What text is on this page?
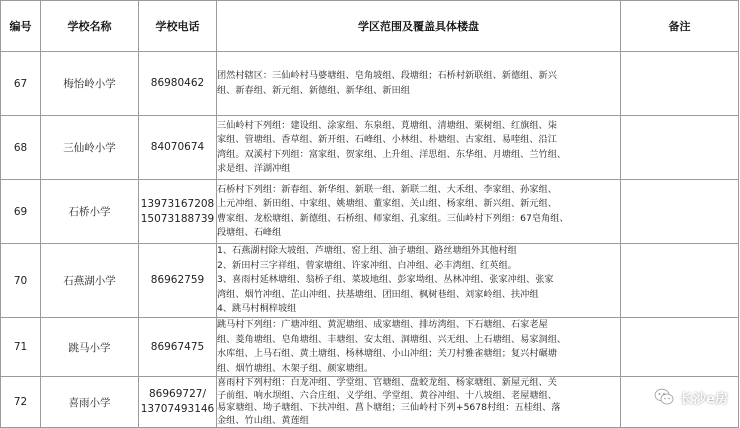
编号	学校名称	学校电话	学区范围及覆盖具体楼盘	备注
67	梅怡岭小学	86980462	团然村辖区：三仙岭村马婆塘组、皂角坡组、段塘组；石桥村新联组、新德组、新兴
组、新春组、新元组、新德组、新华组、新田组	

68	三仙岭小学	84070674	三仙岭村下列组：建设组、涂家组、东泉组、莧塘组、清塘组、栗树组、红旗组、柒
家组、管塘组、香草组、新开组、石峰组、小林组、朴塘组、古家组、易喹组、沿江
湾组。双溪村下列组：富家组、贺家组、上升组、洋思组、东华组、月塘组、兰竹组、
求是组、洋湖冲组	

69	石桥小学	13973167208
15073188739	石桥村下列组：新春组、新华组、新联一组、新联二组、大禾组、李家组、孙家组、
上元冲组、新田组、中家组、姚塘组、董家组、关山组、杨家组、新兴组、新元组、
曹家组、龙松塘组、新德组、石桥组、师家组、孔家组。三仙岭村下列组：67皂角组、
段塘组、石峰组	

70	石燕湖小学	86962759	1、石燕湖村除大坡组、芦塘组、窑上组、油子塘组、路丝塘组外其他村组
2、新田村三字祥组、曾家塘组、许家冲组、白冲组、必丰湾组、红英组。
3、喜雨村延林塘组、翁桥子组、菜坡地组、彭家坳组、丛林冲组、张家冲组、张家
湾组、烟竹冲组、芷山冲组、扶基塘组、团田组、枫树巷组、刘家岭组、扶冲组
4、跳马村桐梓坡组	

71	跳马小学	86967475	跳马村下列组：广塘冲组、黄泥塘组、成家塘组、排坊湾组、下石塘组、石家老屋
组、菱角塘组、皂角塘组、丰塘组、安太组、洞塘组、兴无组、上石塘组、易家洞组、
水库组、上马石组、黄土塘组、杨林塘组、小山冲组；关刀村雅雀塘组；复兴村碾塘
组、烟竹塘组、木架子组、颜家塘组。	

72	喜雨小学	86969727/
13707493146	喜雨村下列村组：白龙冲组、学堂组、官塘组、盘蛟龙组、杨家塘组、新屋元组、关
子前组、响水坝组、六合庄组、义学组、学堂组、黄谷冲组、十八坡组、老屋塘组、
易家塘组、坳子塘组、下扶冲组、菖卜塘组；三仙岭村下列+5678村组：五桂组、落
金组、竹山组、黄莲组	

长沙e房
